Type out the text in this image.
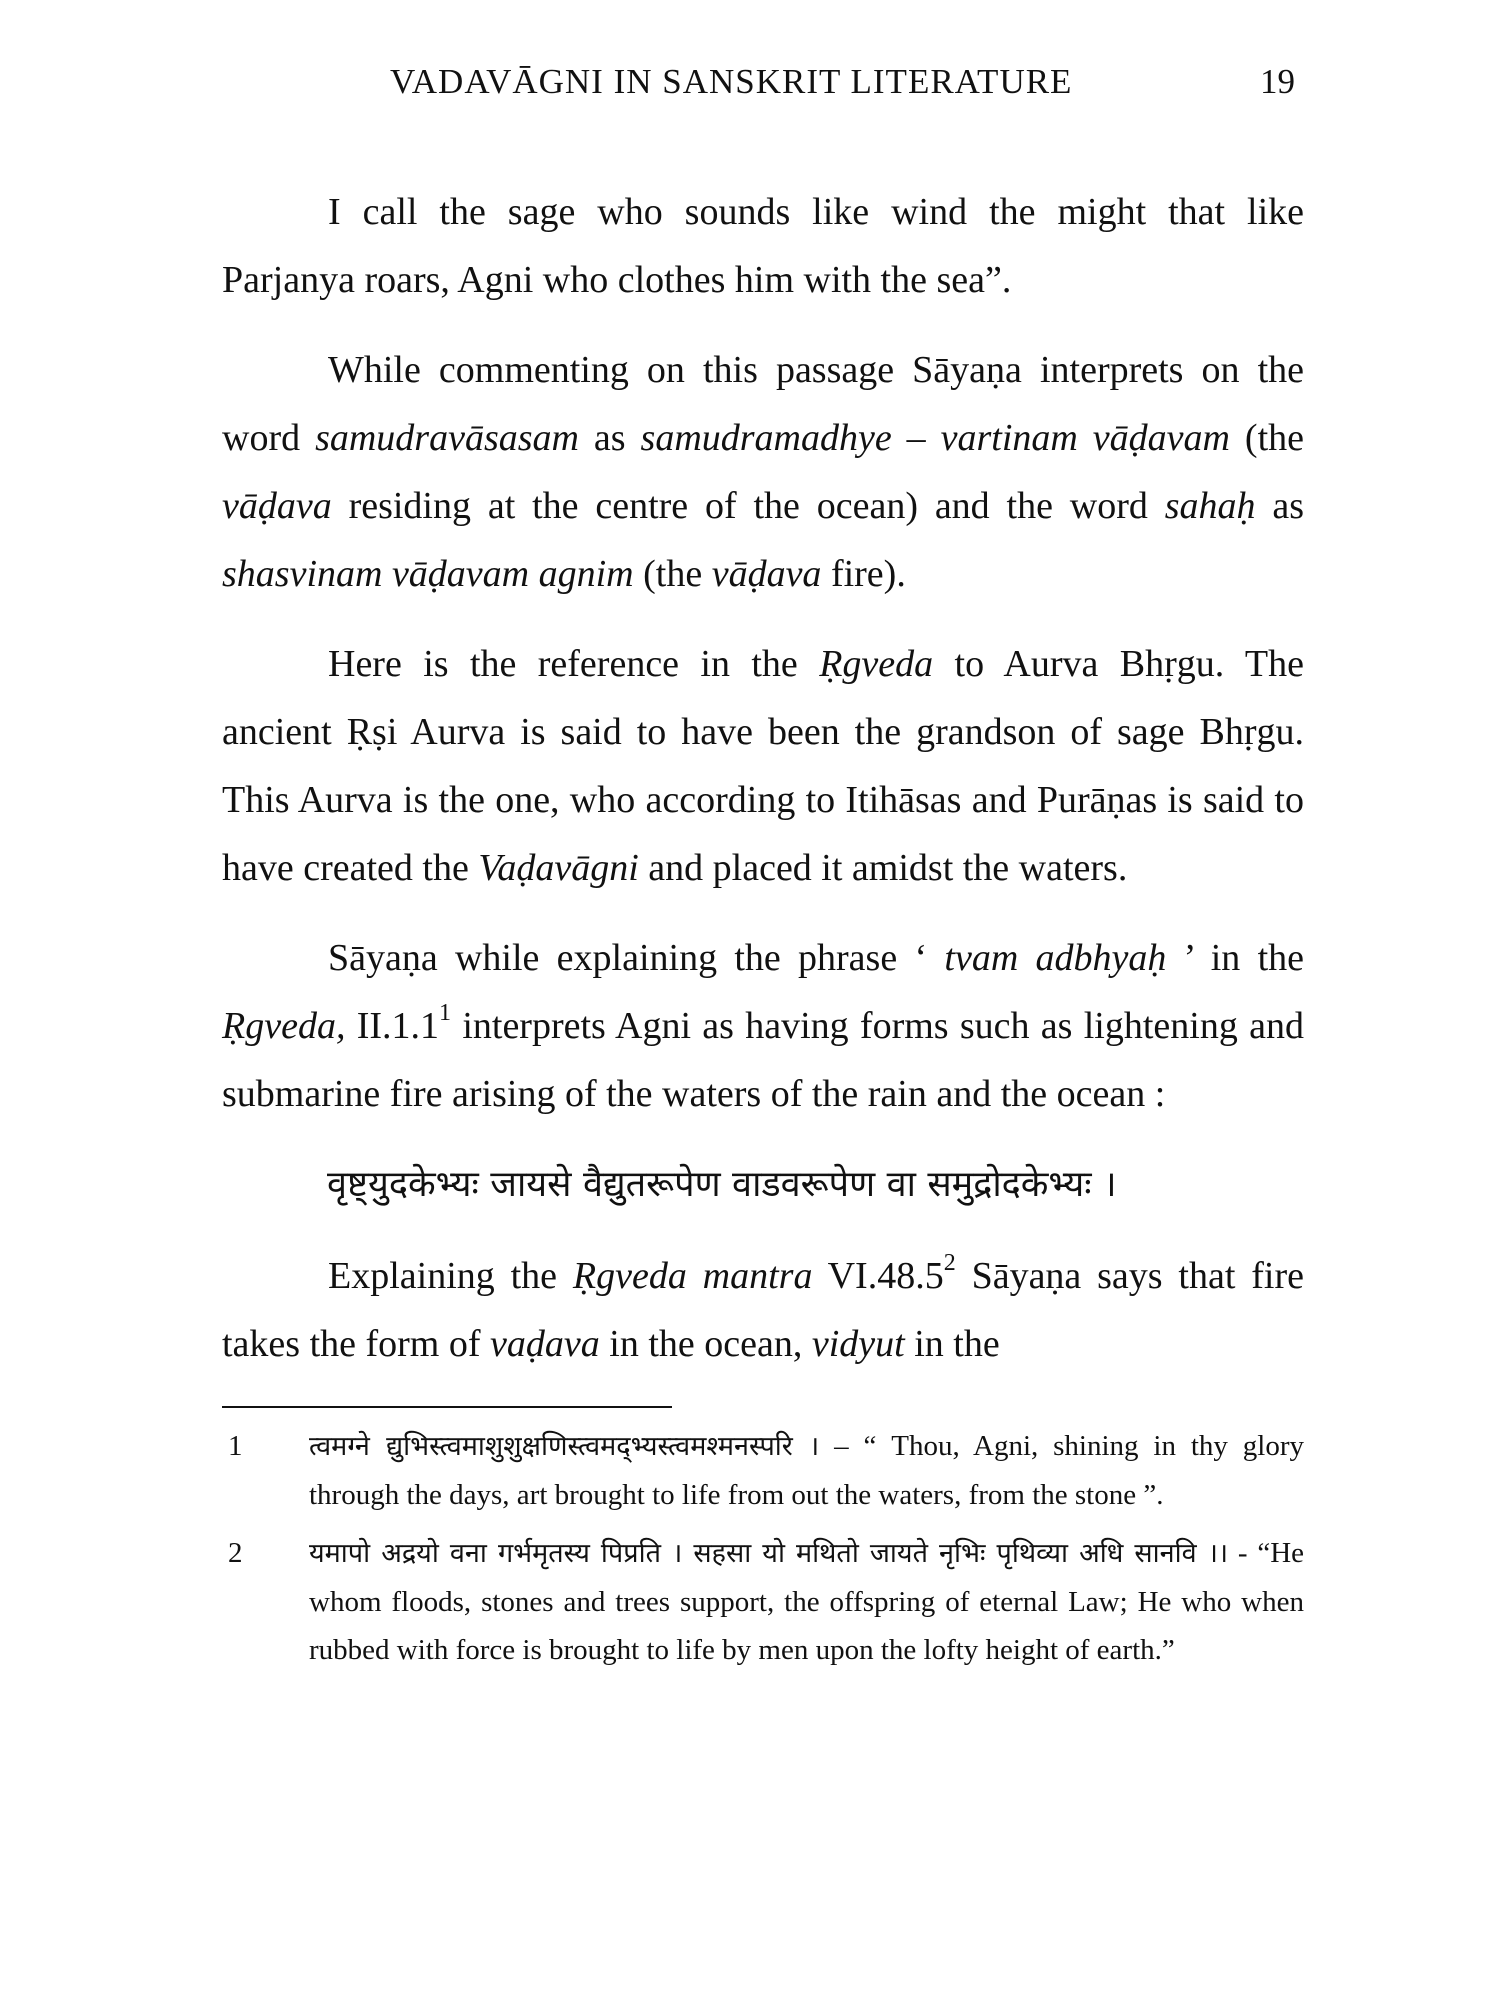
VADAVĀGNI IN SANSKRIT LITERATURE	19

I call the sage who sounds like wind the might that like Parjanya roars, Agni who clothes him with the sea”.

While commenting on this passage Sāyaṇa interprets on the word samudravāsasam as samudramadhye – vartinam vāḍavam (the vāḍava residing at the centre of the ocean) and the word sahaḥ as shasvinam vāḍavam agnim (the vāḍava fire).

Here is the reference in the Ṛgveda to Aurva Bhṛgu. The ancient Ṛṣi Aurva is said to have been the grandson of sage Bhṛgu. This Aurva is the one, who according to Itihāsas and Purāṇas is said to have created the Vaḍavāgni and placed it amidst the waters.

Sāyaṇa while explaining the phrase ‘ tvam adbhyaḥ ’ in the Ṛgveda, II.1.1$^1$ interprets Agni as having forms such as lightening and submarine fire arising of the waters of the rain and the ocean :

वृष्ट्युदकेभ्यः जायसे वैद्युतरूपेण वाडवरूपेण वा समुद्रोदकेभ्यः ।

Explaining the Ṛgveda mantra VI.48.5$^2$ Sāyaṇa says that fire takes the form of vaḍava in the ocean, vidyut in the

1 त्वमग्ने द्युभिस्त्वमाशुशुक्षणिस्त्वमद्भ्यस्त्वमश्मनस्परि । – “ Thou, Agni, shining in thy glory through the days, art brought to life from out the waters, from the stone ”.
2 यमापो अद्रयो वना गर्भमृतस्य पिप्रति । सहसा यो मथितो जायते नृभिः पृथिव्या अधि सानवि ।। - “He whom floods, stones and trees support, the offspring of eternal Law; He who when rubbed with force is brought to life by men upon the lofty height of earth.”
